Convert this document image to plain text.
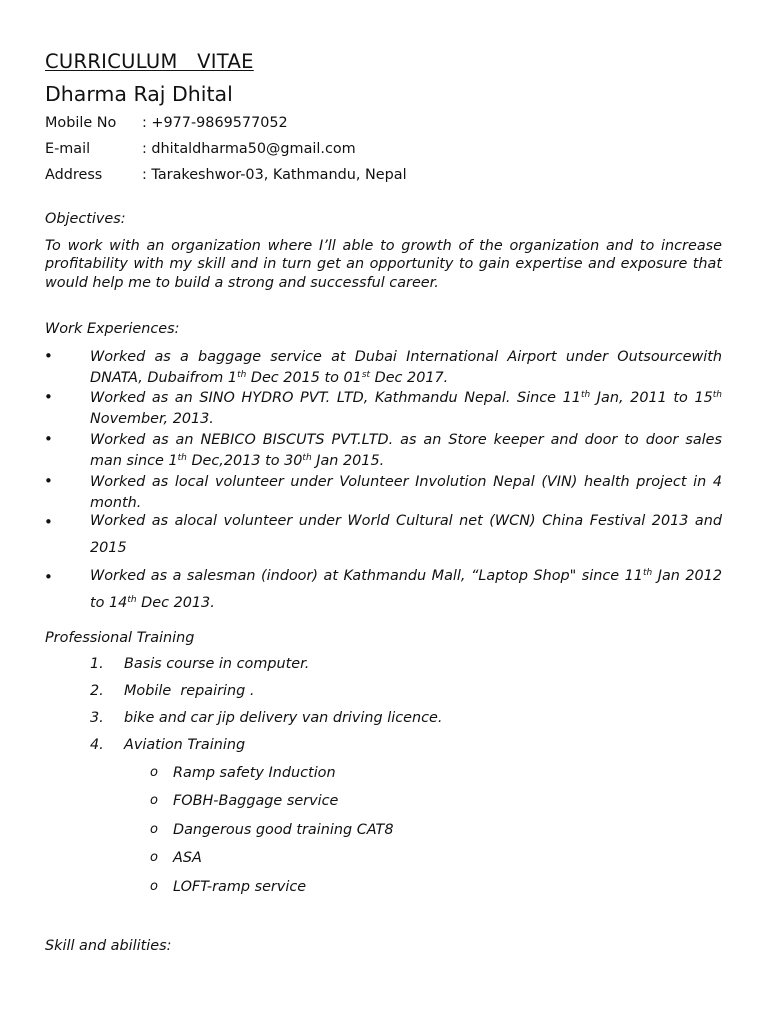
CURRICULUM   VITAE
Dharma Raj Dhital
Mobile No : +977-9869577052
E-mail	: dhitaldharma50@gmail.com
Address	: Tarakeshwor-03, Kathmandu, Nepal
Objectives:
To work with an organization where I’ll able to growth of the organization and to increase profitability with my skill and in turn get an opportunity to gain expertise and exposure that would help me to build a strong and successful career.
Work Experiences:
•	Worked as a baggage service at Dubai International Airport under Outsourcewith DNATA, Dubaifrom 1th Dec 2015 to 01st Dec 2017.
•	Worked as an SINO HYDRO PVT. LTD, Kathmandu Nepal. Since 11th Jan, 2011 to 15th November, 2013.
•	Worked as an NEBICO BISCUTS PVT.LTD. as an Store keeper and door to door sales man since 1th Dec,2013 to 30th Jan 2015.
•	Worked as local volunteer under Volunteer Involution Nepal (VIN) health project in 4 month.
•	Worked as alocal volunteer under World Cultural net (WCN) China Festival 2013 and 2015
•	Worked as a salesman (indoor) at Kathmandu Mall, “Laptop Shop" since 11th Jan 2012 to 14th Dec 2013.
Professional Training
1. Basis course in computer.
2. Mobile  repairing .
3. bike and car jip delivery van driving licence.
4. Aviation Training
o Ramp safety Induction
o FOBH-Baggage service
o Dangerous good training CAT8
o ASA
o LOFT-ramp service
Skill and abilities:
